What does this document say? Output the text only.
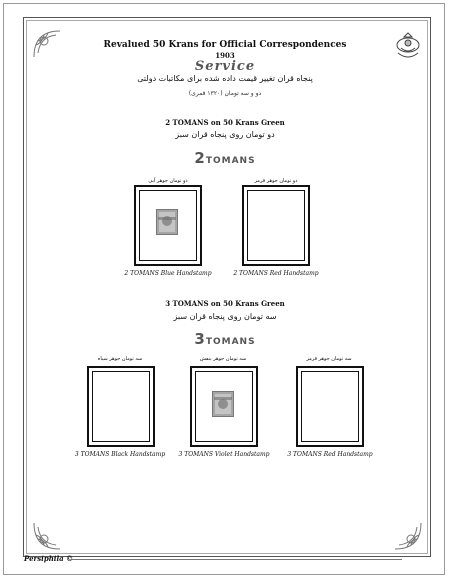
Revalued 50 Krans for Official Correspondences
1903
Service
پنجاه قران تغییر قیمت داده شده برای مکاتبات دولتی
دو و سه تومان (۱۳۲۰ قمری)
2 TOMANS on 50 Krans Green
دو تومان روی پنجاه قران سبز
2TOMANS
دو تومان جوهر آبی
2 TOMANS Blue Handstamp
دو تومان جوهر قرمز
2 TOMANS Red Handstamp
3 TOMANS on 50 Krans Green
سه تومان روی پنجاه قران سبز
3TOMANS
سه تومان جوهر سیاه
3 TOMANS Black Handstamp
سه تومان جوهر بنفش
3 TOMANS Violet Handstamp
سه تومان جوهر قرمز
3 TOMANS Red Handstamp
Persiphila ©
